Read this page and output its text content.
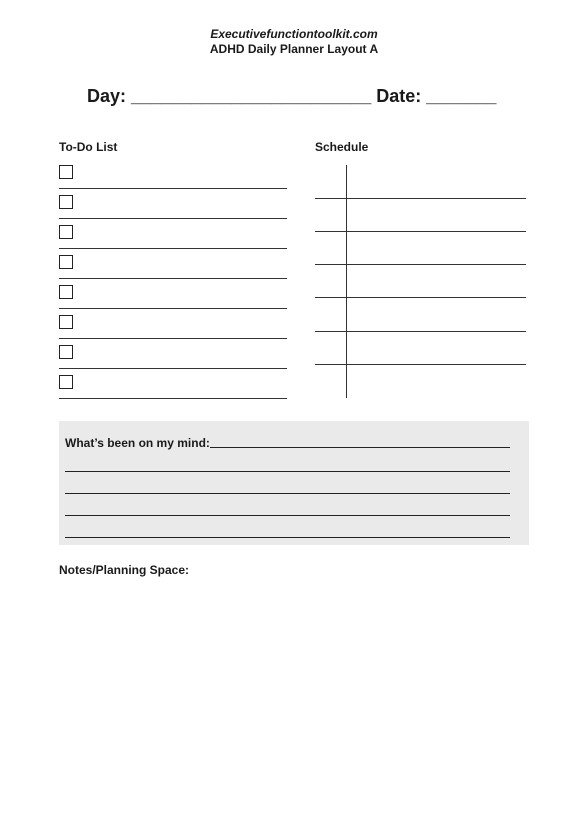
Executivefunctiontoolkit.com
ADHD Daily Planner Layout A
Day: ________________________ Date: _______
To-Do List	Schedule
What’s been on my mind:
Notes/Planning Space:
